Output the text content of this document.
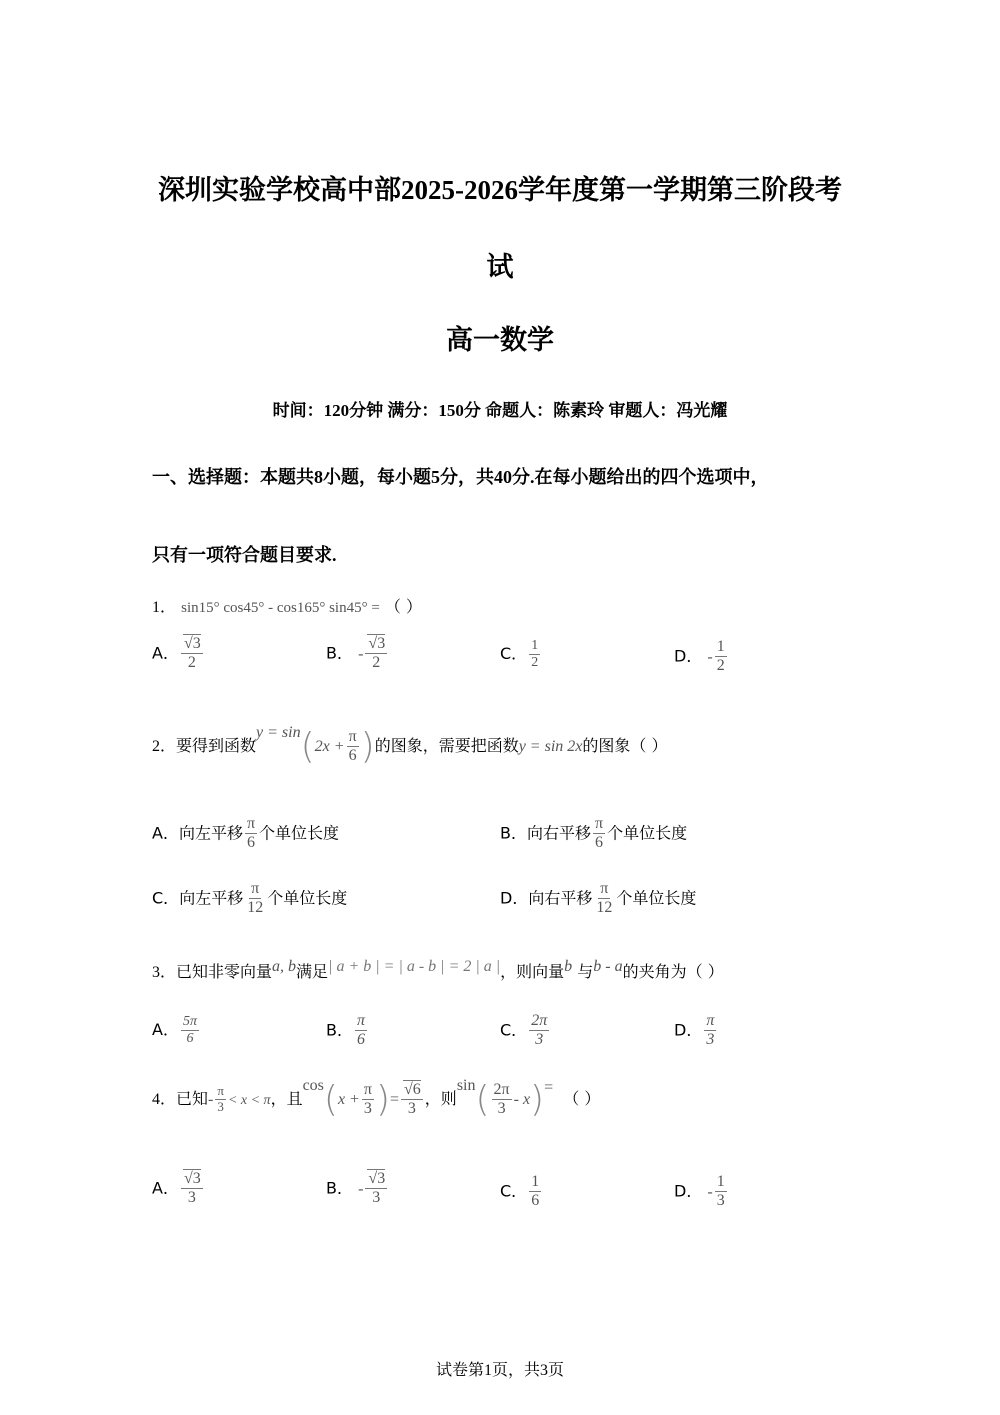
深圳实验学校高中部2025-2026学年度第一学期第三阶段考
试
高一数学
时间：120分钟 满分：150分 命题人：陈素玲 审题人：冯光耀
一、选择题：本题共8小题，每小题5分，共40分.在每小题给出的四个选项中，
只有一项符合题目要求.
1． sin15° cos45° - cos165° sin45° = （ ）
A． $\frac{√3}{2}$	B． - $\frac{√3}{2}$	C． $\frac{1}{2}$	D． - $\frac{1}{2}$
2．要得到函数$y = \sin(2x + \frac{\pi}{6}$ )的图象，需要把函数y = sin 2x的图象（ ）
A．向左平移 $\frac{\pi}{6}$ 个单位长度	B．向右平移 $\frac{\pi}{6}$ 个单位长度
C．向左平移 $\frac{\pi}{12}$ 个单位长度	D．向右平移 $\frac{\pi}{12}$ 个单位长度
3．已知非零向量a, b满足| a + b | = | a - b | = 2 | a |，则向量b 与b - a的夹角为（ ）
A． $\frac{5\pi}{6}$	B． $\frac{\pi}{6}$	C． $\frac{2\pi}{3}$	D． $\frac{\pi}{3}$
4．已知- $\frac{\pi}{3} < x < \pi$，且$\cos(x + \frac{\pi}{3}$ )= $\frac{√6}{3}$ ，则$\sin( \frac{2\pi}{3} - x)=$  （ ）
A． $\frac{√3}{3}$	B． - $\frac{√3}{3}$	C． $\frac{1}{6}$	D． - $\frac{1}{3}$
试卷第1页，共3页
